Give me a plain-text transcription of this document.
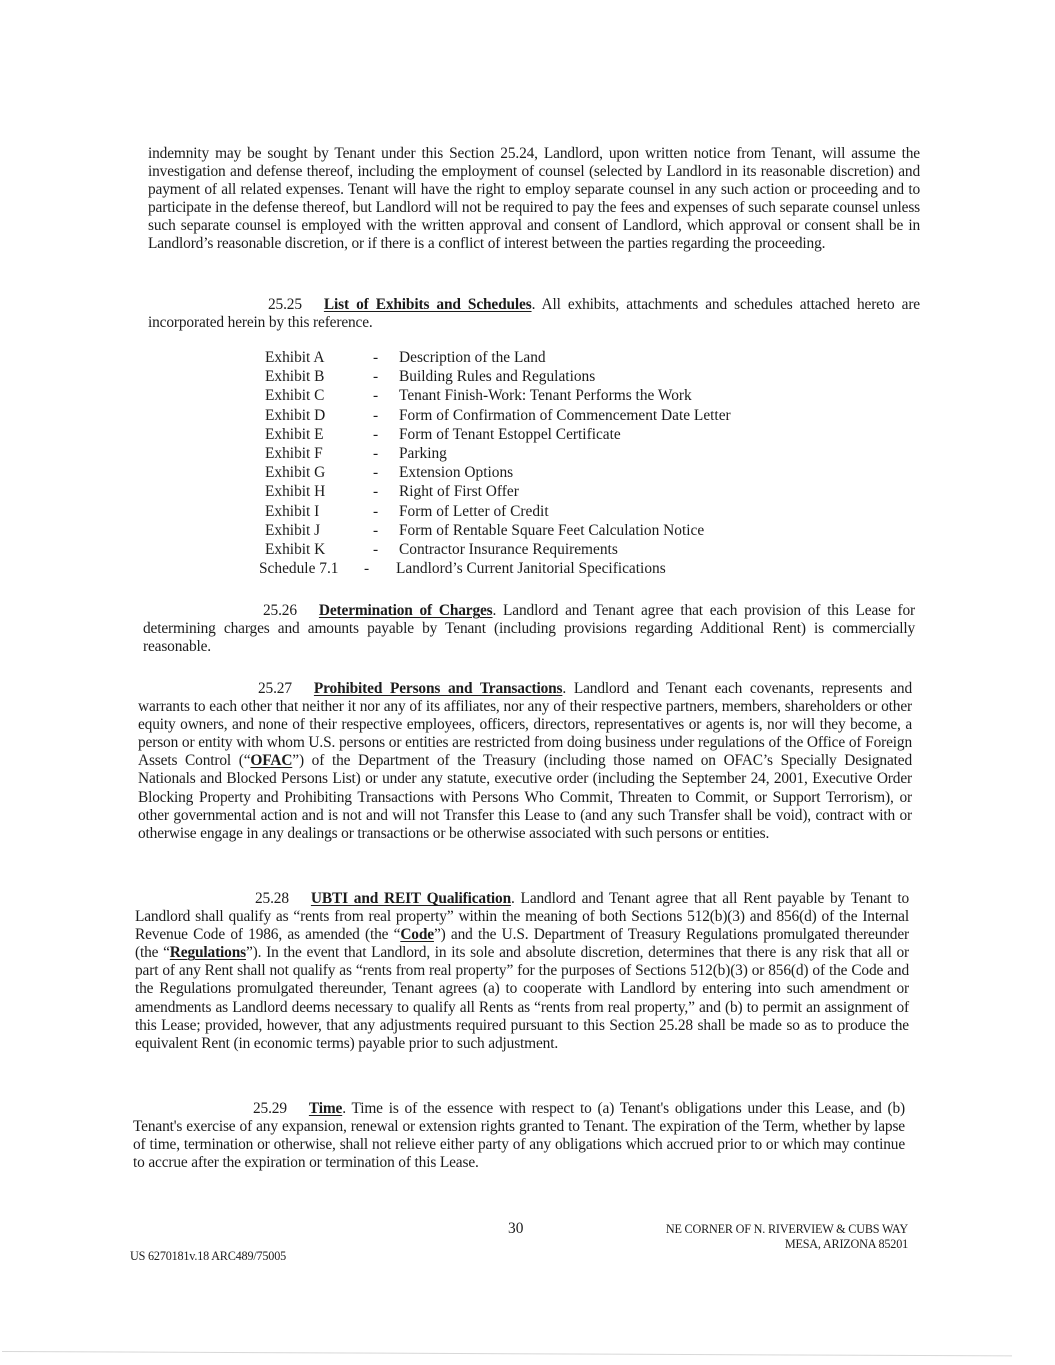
indemnity may be sought by Tenant under this Section 25.24, Landlord, upon written notice from Tenant, will assume the investigation and defense thereof, including the employment of counsel (selected by Landlord in its reasonable discretion) and payment of all related expenses. Tenant will have the right to employ separate counsel in any such action or proceeding and to participate in the defense thereof, but Landlord will not be required to pay the fees and expenses of such separate counsel unless such separate counsel is employed with the written approval and consent of Landlord, which approval or consent shall be in Landlord’s reasonable discretion, or if there is a conflict of interest between the parties regarding the proceeding.
25.25 List of Exhibits and Schedules. All exhibits, attachments and schedules attached hereto are incorporated herein by this reference.
Exhibit A	-	Description of the Land
Exhibit B	-	Building Rules and Regulations
Exhibit C	-	Tenant Finish-Work: Tenant Performs the Work
Exhibit D	-	Form of Confirmation of Commencement Date Letter
Exhibit E	-	Form of Tenant Estoppel Certificate
Exhibit F	-	Parking
Exhibit G	-	Extension Options
Exhibit H	-	Right of First Offer
Exhibit I	-	Form of Letter of Credit
Exhibit J	-	Form of Rentable Square Feet Calculation Notice
Exhibit K	-	Contractor Insurance Requirements
Schedule 7.1	-	Landlord’s Current Janitorial Specifications
25.26 Determination of Charges. Landlord and Tenant agree that each provision of this Lease for determining charges and amounts payable by Tenant (including provisions regarding Additional Rent) is commercially reasonable.
25.27 Prohibited Persons and Transactions. Landlord and Tenant each covenants, represents and warrants to each other that neither it nor any of its affiliates, nor any of their respective partners, members, shareholders or other equity owners, and none of their respective employees, officers, directors, representatives or agents is, nor will they become, a person or entity with whom U.S. persons or entities are restricted from doing business under regulations of the Office of Foreign Assets Control (“OFAC”) of the Department of the Treasury (including those named on OFAC’s Specially Designated Nationals and Blocked Persons List) or under any statute, executive order (including the September 24, 2001, Executive Order Blocking Property and Prohibiting Transactions with Persons Who Commit, Threaten to Commit, or Support Terrorism), or other governmental action and is not and will not Transfer this Lease to (and any such Transfer shall be void), contract with or otherwise engage in any dealings or transactions or be otherwise associated with such persons or entities.
25.28 UBTI and REIT Qualification. Landlord and Tenant agree that all Rent payable by Tenant to Landlord shall qualify as “rents from real property” within the meaning of both Sections 512(b)(3) and 856(d) of the Internal Revenue Code of 1986, as amended (the “Code”) and the U.S. Department of Treasury Regulations promulgated thereunder (the “Regulations”). In the event that Landlord, in its sole and absolute discretion, determines that there is any risk that all or part of any Rent shall not qualify as “rents from real property” for the purposes of Sections 512(b)(3) or 856(d) of the Code and the Regulations promulgated thereunder, Tenant agrees (a) to cooperate with Landlord by entering into such amendment or amendments as Landlord deems necessary to qualify all Rents as “rents from real property,” and (b) to permit an assignment of this Lease; provided, however, that any adjustments required pursuant to this Section 25.28 shall be made so as to produce the equivalent Rent (in economic terms) payable prior to such adjustment.
25.29 Time. Time is of the essence with respect to (a) Tenant's obligations under this Lease, and (b) Tenant's exercise of any expansion, renewal or extension rights granted to Tenant. The expiration of the Term, whether by lapse of time, termination or otherwise, shall not relieve either party of any obligations which accrued prior to or which may continue to accrue after the expiration or termination of this Lease.
30	NE CORNER OF N. RIVERVIEW & CUBS WAY
MESA, ARIZONA 85201
US 6270181v.18 ARC489/75005
